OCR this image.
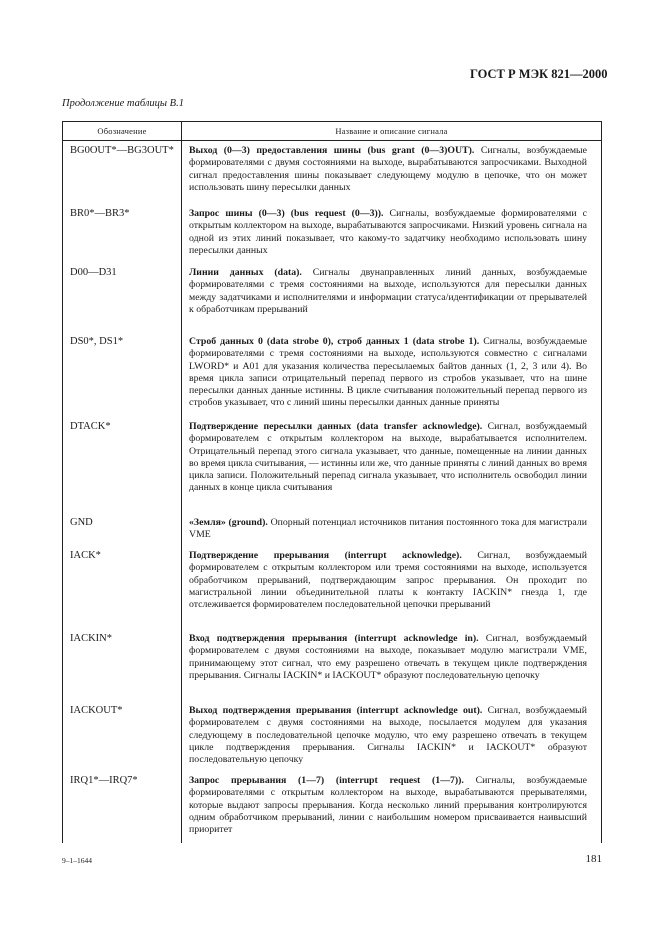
ГОСТ Р МЭК 821—2000
Продолжение таблицы В.1
Обозначение	Название и описание сигнала
BG0OUT*—BG3OUT*	Выход (0—3) предоставления шины (bus grant (0—3)OUT). Сигналы, возбуждаемые формирователями с двумя состояниями на выходе, вырабатываются запросчиками. Выходной сигнал предоставления шины показывает следующему модулю в цепочке, что он может использовать шину пересылки данных
BR0*—BR3*	Запрос шины (0—3) (bus request (0—3)). Сигналы, возбуждаемые формирователями с открытым коллектором на выходе, вырабатываются запросчиками. Низкий уровень сигнала на одной из этих линий показывает, что какому-то задатчику необходимо использовать шину пересылки данных
D00—D31	Линии данных (data). Сигналы двунаправленных линий данных, возбуждаемые формирователями с тремя состояниями на выходе, используются для пересылки данных между задатчиками и исполнителями и информации статуса/идентификации от прерывателей к обработчикам прерываний
DS0*, DS1*	Строб данных 0 (data strobe 0), строб данных 1 (data strobe 1). Сигналы, возбуждаемые формирователями с тремя состояниями на выходе, используются совместно с сигналами LWORD* и A01 для указания количества пересылаемых байтов данных (1, 2, 3 или 4). Во время цикла записи отрицательный перепад первого из стробов указывает, что на шине пересылки данных данные истинны. В цикле считывания положительный перепад первого из стробов указывает, что с линий шины пересылки данных данные приняты
DTACK*	Подтверждение пересылки данных (data transfer acknowledge). Сигнал, возбуждаемый формирователем с открытым коллектором на выходе, вырабатывается исполнителем. Отрицательный перепад этого сигнала указывает, что данные, помещенные на линии данных во время цикла считывания, — истинны или же, что данные приняты с линий данных во время цикла записи. Положительный перепад сигнала указывает, что исполнитель освободил линии данных в конце цикла считывания
GND	«Земля» (ground). Опорный потенциал источников питания постоянного тока для магистрали VME
IACK*	Подтверждение прерывания (interrupt acknowledge). Сигнал, возбуждаемый формирователем с открытым коллектором или тремя состояниями на выходе, используется обработчиком прерываний, подтверждающим запрос прерывания. Он проходит по магистральной линии объединительной платы к контакту IACKIN* гнезда 1, где отслеживается формирователем последовательной цепочки прерываний
IACKIN*	Вход подтверждения прерывания (interrupt acknowledge in). Сигнал, возбуждаемый формирователем с двумя состояниями на выходе, показывает модулю магистрали VME, принимающему этот сигнал, что ему разрешено отвечать в текущем цикле подтверждения прерывания. Сигналы IACKIN* и IACKOUT* образуют последовательную цепочку
IACKOUT*	Выход подтверждения прерывания (interrupt acknowledge out). Сигнал, возбуждаемый формирователем с двумя состояниями на выходе, посылается модулем для указания следующему в последовательной цепочке модулю, что ему разрешено отвечать в текущем цикле подтверждения прерывания. Сигналы IACKIN* и IACKOUT* образуют последовательную цепочку
IRQ1*—IRQ7*	Запрос прерывания (1—7) (interrupt request (1—7)). Сигналы, возбуждаемые формирователями с открытым коллектором на выходе, вырабатываются прерывателями, которые выдают запросы прерывания. Когда несколько линий прерывания контролируются одним обработчиком прерываний, линии с наибольшим номером присваивается наивысший приоритет
9–1–1644	181
